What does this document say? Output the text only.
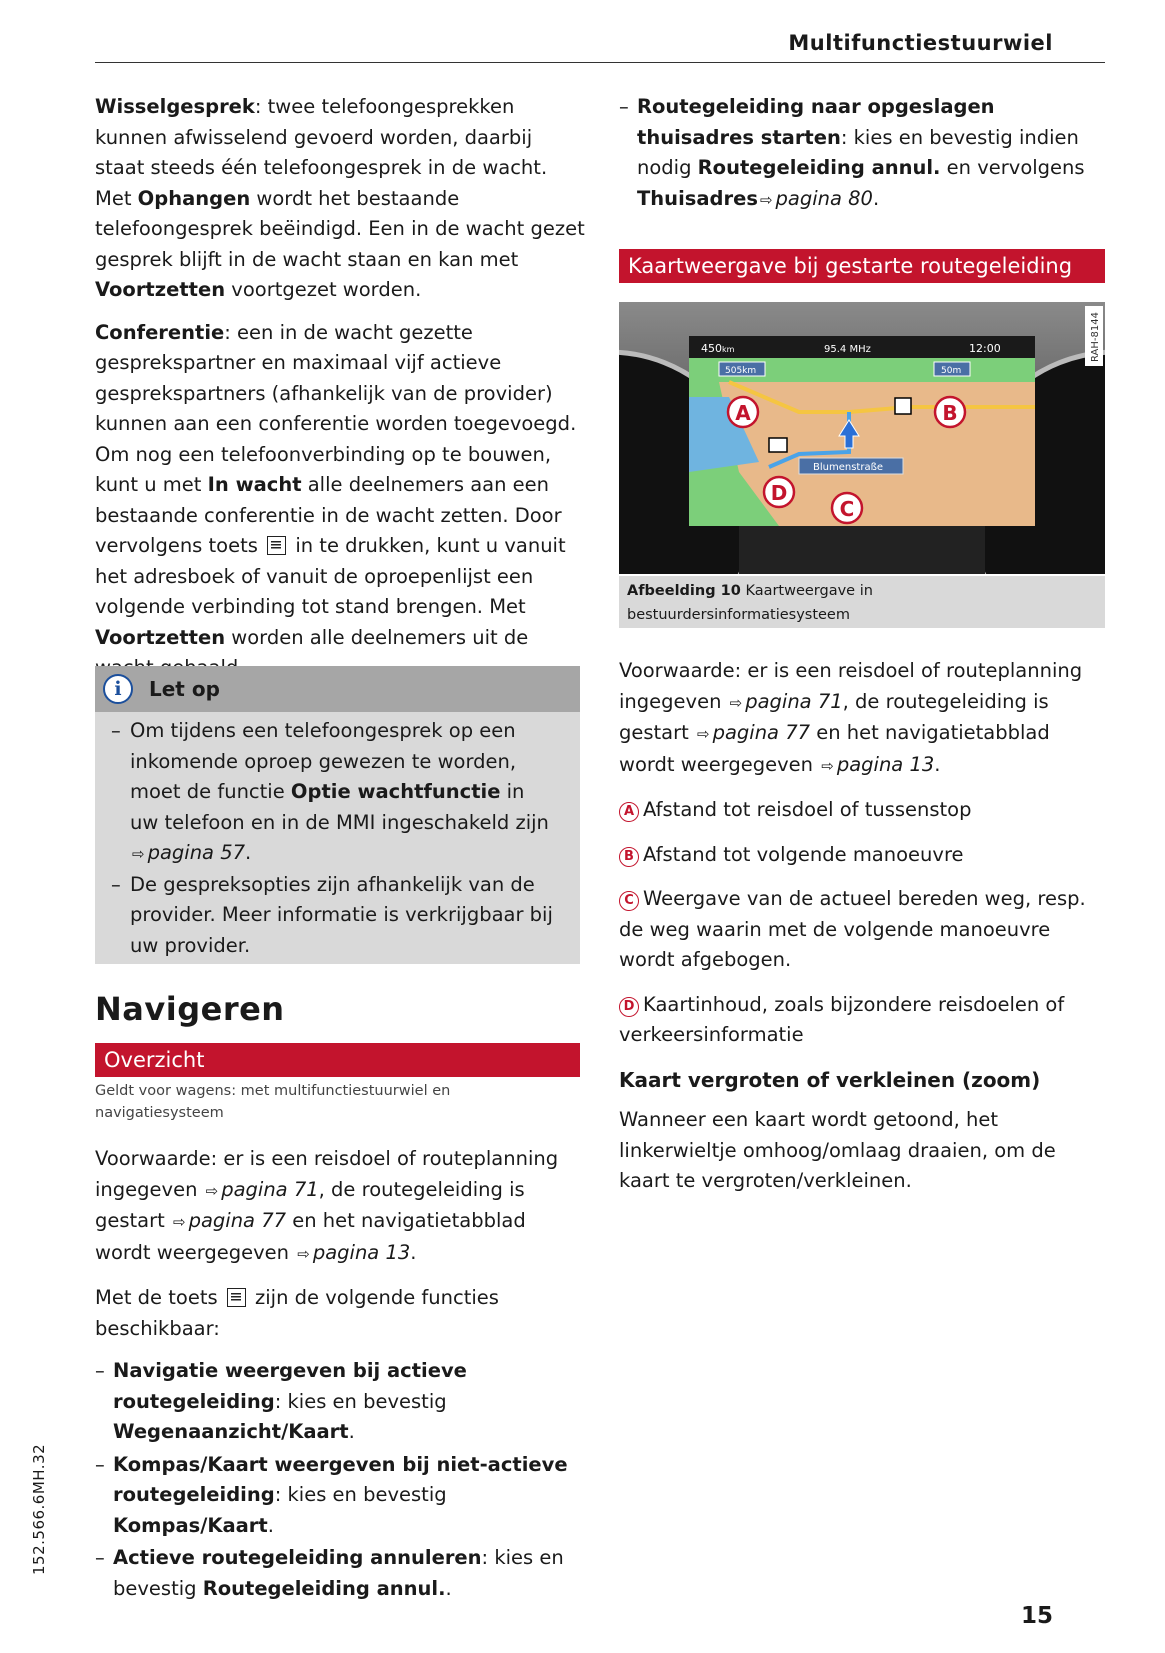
Multifunctiestuurwiel

Wisselgesprek: twee telefoongesprekken kunnen afwisselend gevoerd worden, daarbij staat steeds één telefoongesprek in de wacht. Met Ophangen wordt het bestaande telefoongesprek beëindigd. Een in de wacht gezet gesprek blijft in de wacht staan en kan met Voortzetten voortgezet worden.

Conferentie: een in de wacht gezette gesprekspartner en maximaal vijf actieve gesprekspartners (afhankelijk van de provider) kunnen aan een conferentie worden toegevoegd. Om nog een telefoonverbinding op te bouwen, kunt u met In wacht alle deelnemers aan een bestaande conferentie in de wacht zetten. Door vervolgens toets  in te drukken, kunt u vanuit het adresboek of vanuit de oproepenlijst een volgende verbinding tot stand brengen. Met Voortzetten worden alle deelnemers uit de

i	Let op
– Om tijdens een telefoongesprek op een inkomende oproep gewezen te worden, moet de functie Optie wachtfunctie in uw telefoon en in de MMI ingeschakeld zijn ⇨ pagina 57.
– De gespreksopties zijn afhankelijk van de provider. Meer informatie is verkrijgbaar bij uw provider.
Navigeren
Overzicht
Geldt voor wagens: met multifunctiestuurwiel en navigatiesysteem

Voorwaarde: er is een reisdoel of routeplanning ingegeven ⇨ pagina 71, de routegeleiding is gestart ⇨ pagina 77 en het navigatietabblad wordt weergegeven ⇨ pagina 13.

Met de toets  zijn de volgende functies beschikbaar:

– Navigatie weergeven bij actieve routegeleiding: kies en bevestig Wegenaanzicht/Kaart.
– Kompas/Kaart weergeven bij niet-actieve routegeleiding: kies en bevestig Kompas/Kaart.
– Actieve routegeleiding annuleren: kies en bevestig Routegeleiding annul..
– Routegeleiding naar opgeslagen thuisadres starten: kies en bevestig indien nodig Routegeleiding annul. en vervolgens Thuisadres ⇨ pagina 80.
Kaartweergave bij gestarte routegeleiding
450km	95.4 MHz	12:00
505km	50m
Blumenstraße
A	B
C
D
RAH-8144
Afbeelding 10 Kaartweergave in bestuurdersinformatiesysteem

Voorwaarde: er is een reisdoel of routeplanning ingegeven ⇨ pagina 71, de routegeleiding is gestart ⇨ pagina 77 en het navigatietabblad wordt weergegeven ⇨ pagina 13.

A Afstand tot reisdoel of tussenstop

B Afstand tot volgende manoeuvre

C Weergave van de actueel bereden weg, resp. de weg waarin met de volgende manoeuvre wordt afgebogen.

D Kaartinhoud, zoals bijzondere reisdoelen of verkeersinformatie

Kaart vergroten of verkleinen (zoom)

Wanneer een kaart wordt getoond, het linkerwieltje omhoog/omlaag draaien, om de kaart te vergroten/verkleinen.

152.566.6MH.32
15
